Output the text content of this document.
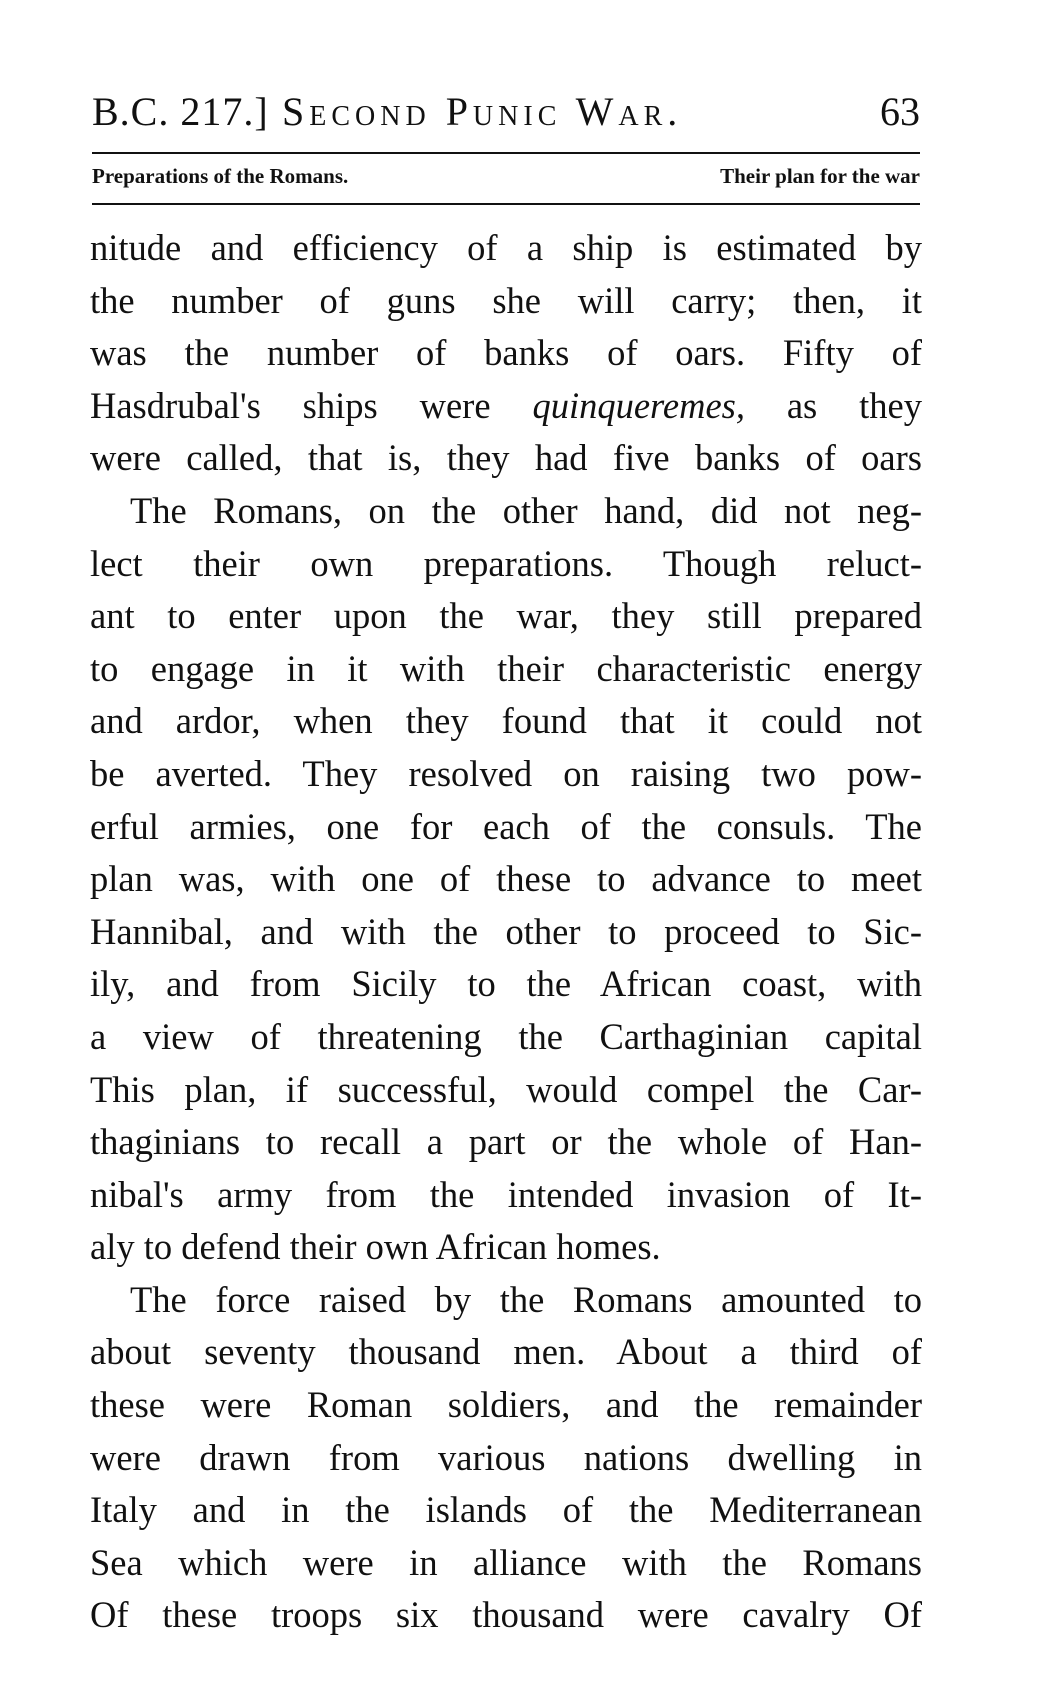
B.C. 217.] Second Punic War.	63
Preparations of the Romans.	Their plan for the war
nitude and efficiency of a ship is estimated by
the number of guns she will carry; then, it
was the number of banks of oars. Fifty of
Hasdrubal's ships were quinqueremes, as they
were called, that is, they had five banks of oars
The Romans, on the other hand, did not neg-
lect their own preparations. Though reluct-
ant to enter upon the war, they still prepared
to engage in it with their characteristic energy
and ardor, when they found that it could not
be averted. They resolved on raising two pow-
erful armies, one for each of the consuls. The
plan was, with one of these to advance to meet
Hannibal, and with the other to proceed to Sic-
ily, and from Sicily to the African coast, with
a view of threatening the Carthaginian capital
This plan, if successful, would compel the Car-
thaginians to recall a part or the whole of Han-
nibal's army from the intended invasion of It-
aly to defend their own African homes.
The force raised by the Romans amounted to
about seventy thousand men. About a third of
these were Roman soldiers, and the remainder
were drawn from various nations dwelling in
Italy and in the islands of the Mediterranean
Sea which were in alliance with the Romans
Of these troops six thousand were cavalry Of
